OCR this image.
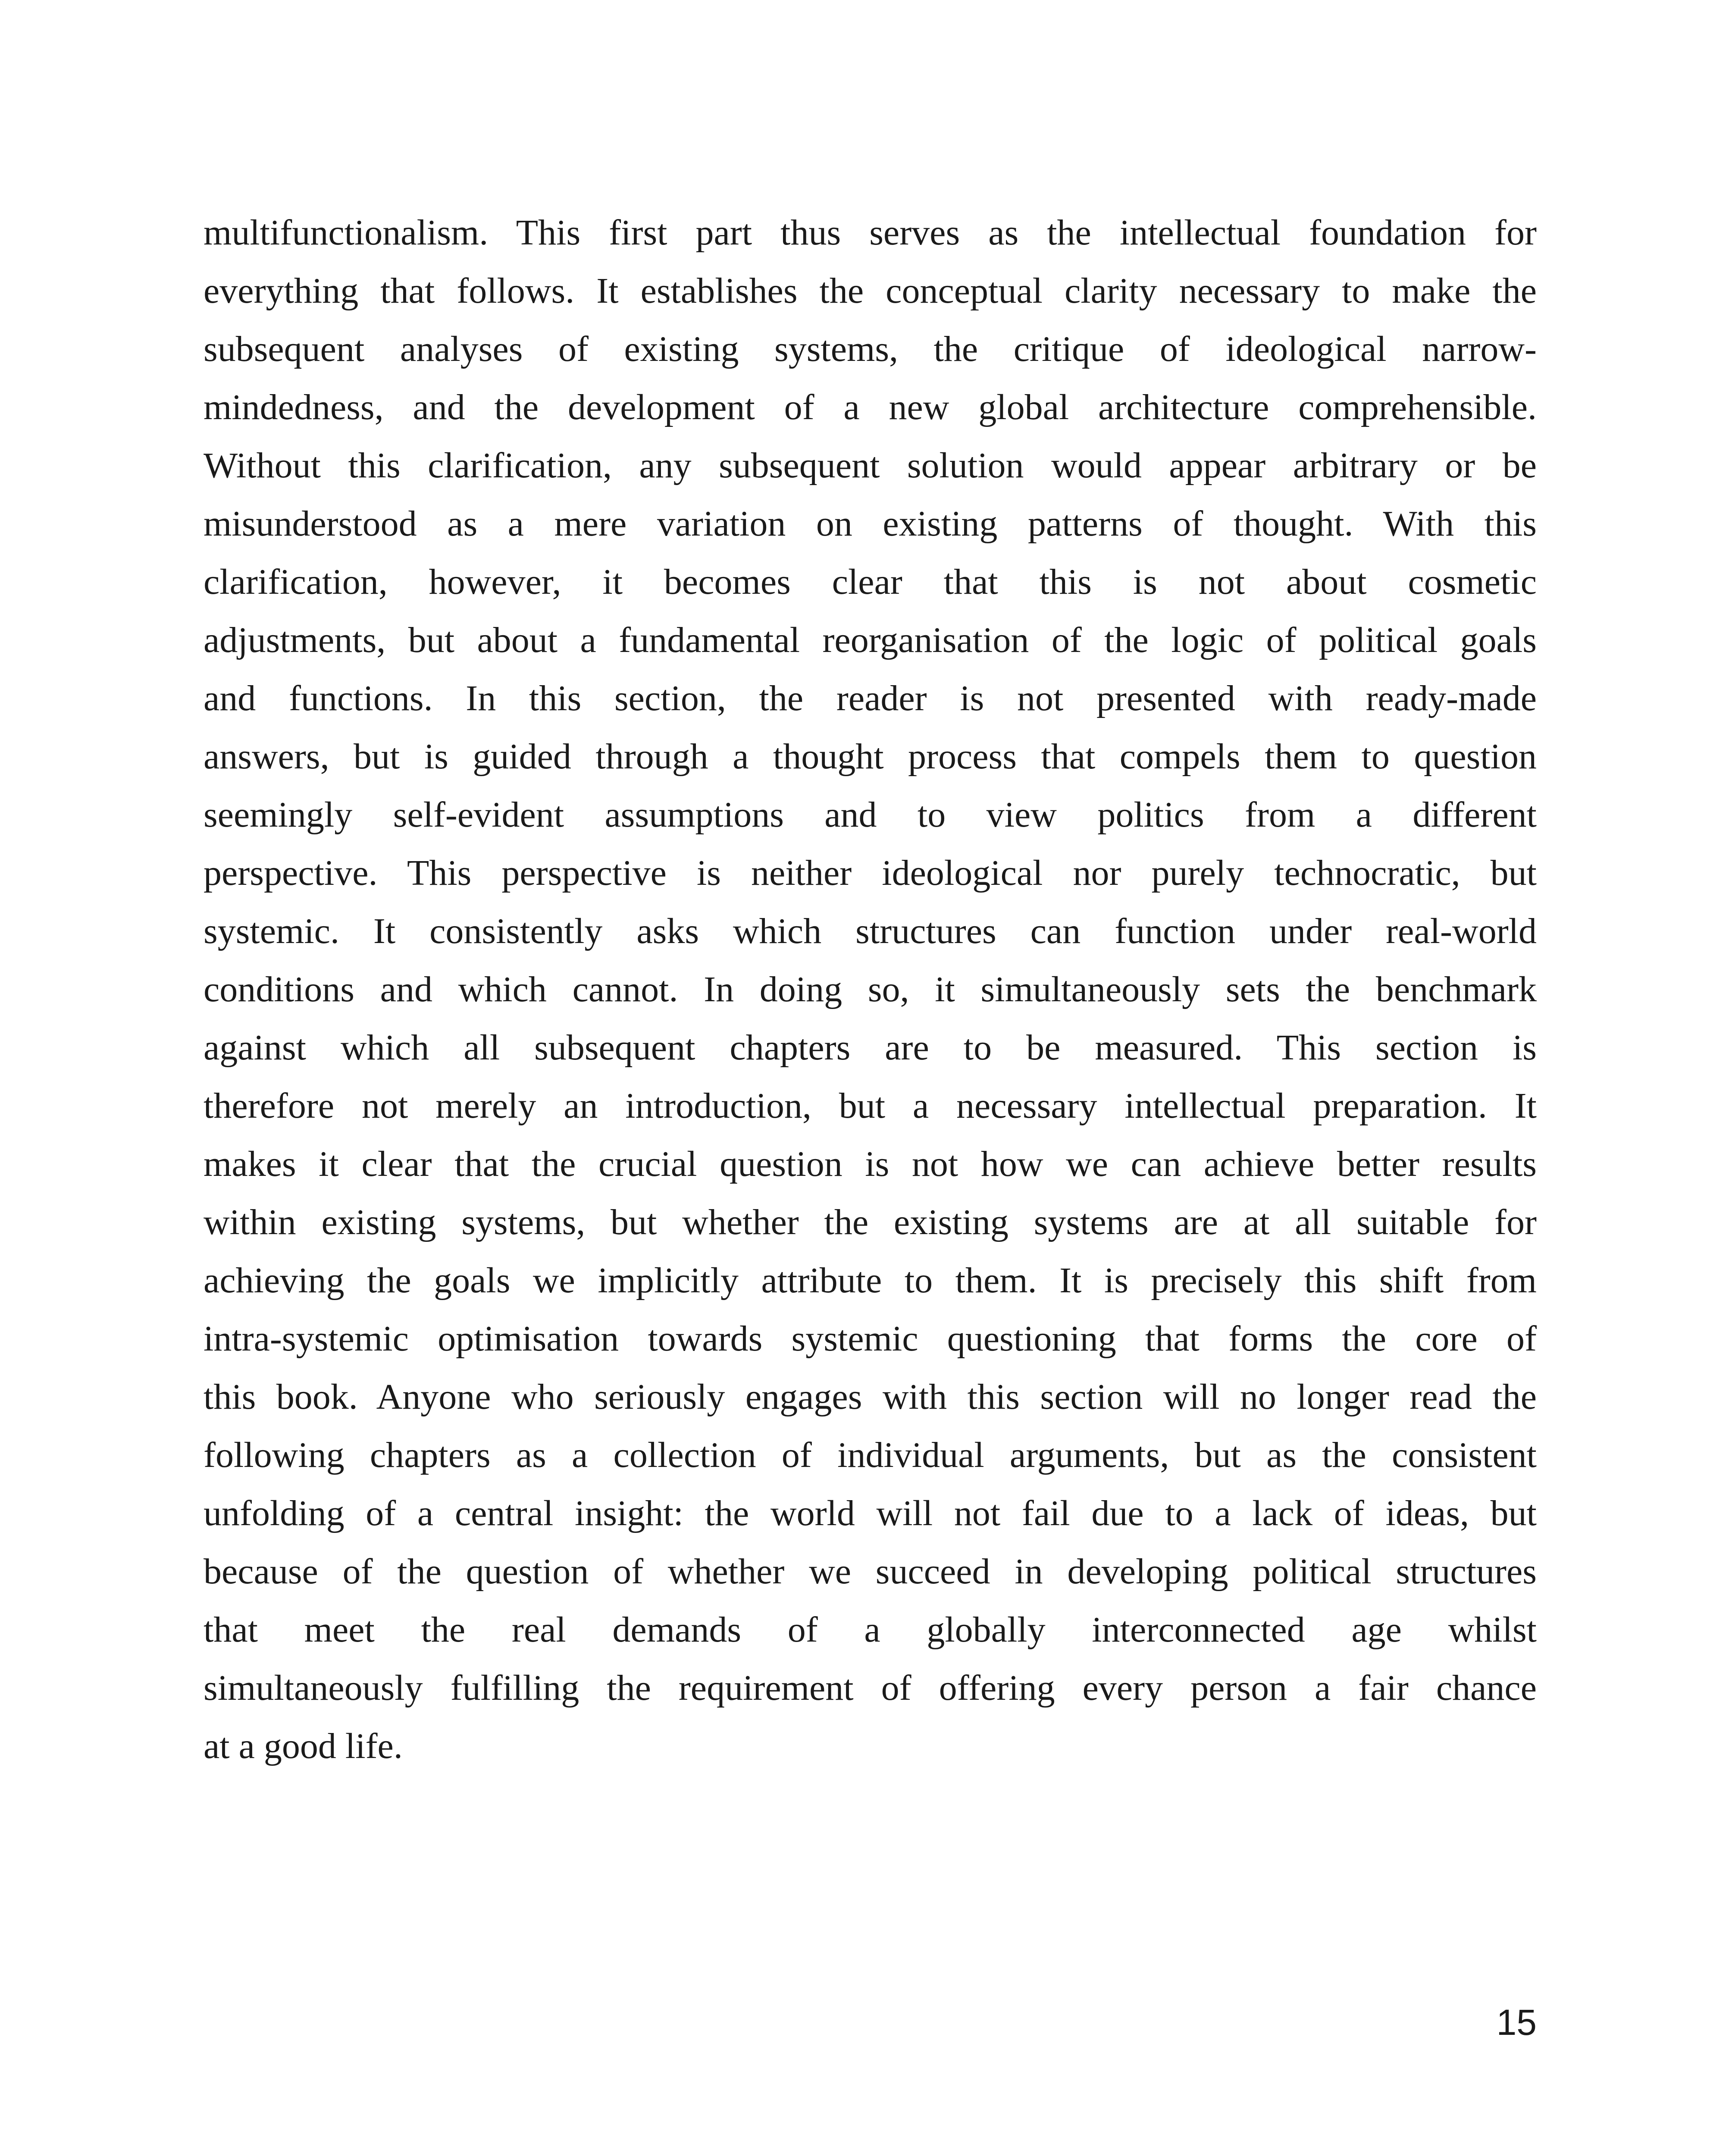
multifunctionalism. This first part thus serves as the intellectual foundation for
everything that follows. It establishes the conceptual clarity necessary to make the
subsequent analyses of existing systems, the critique of ideological narrow-
mindedness, and the development of a new global architecture comprehensible.
Without this clarification, any subsequent solution would appear arbitrary or be
misunderstood as a mere variation on existing patterns of thought. With this
clarification, however, it becomes clear that this is not about cosmetic
adjustments, but about a fundamental reorganisation of the logic of political goals
and functions. In this section, the reader is not presented with ready-made
answers, but is guided through a thought process that compels them to question
seemingly self-evident assumptions and to view politics from a different
perspective. This perspective is neither ideological nor purely technocratic, but
systemic. It consistently asks which structures can function under real-world
conditions and which cannot. In doing so, it simultaneously sets the benchmark
against which all subsequent chapters are to be measured. This section is
therefore not merely an introduction, but a necessary intellectual preparation. It
makes it clear that the crucial question is not how we can achieve better results
within existing systems, but whether the existing systems are at all suitable for
achieving the goals we implicitly attribute to them. It is precisely this shift from
intra-systemic optimisation towards systemic questioning that forms the core of
this book. Anyone who seriously engages with this section will no longer read the
following chapters as a collection of individual arguments, but as the consistent
unfolding of a central insight: the world will not fail due to a lack of ideas, but
because of the question of whether we succeed in developing political structures
that meet the real demands of a globally interconnected age whilst
simultaneously fulfilling the requirement of offering every person a fair chance
at a good life.
15
